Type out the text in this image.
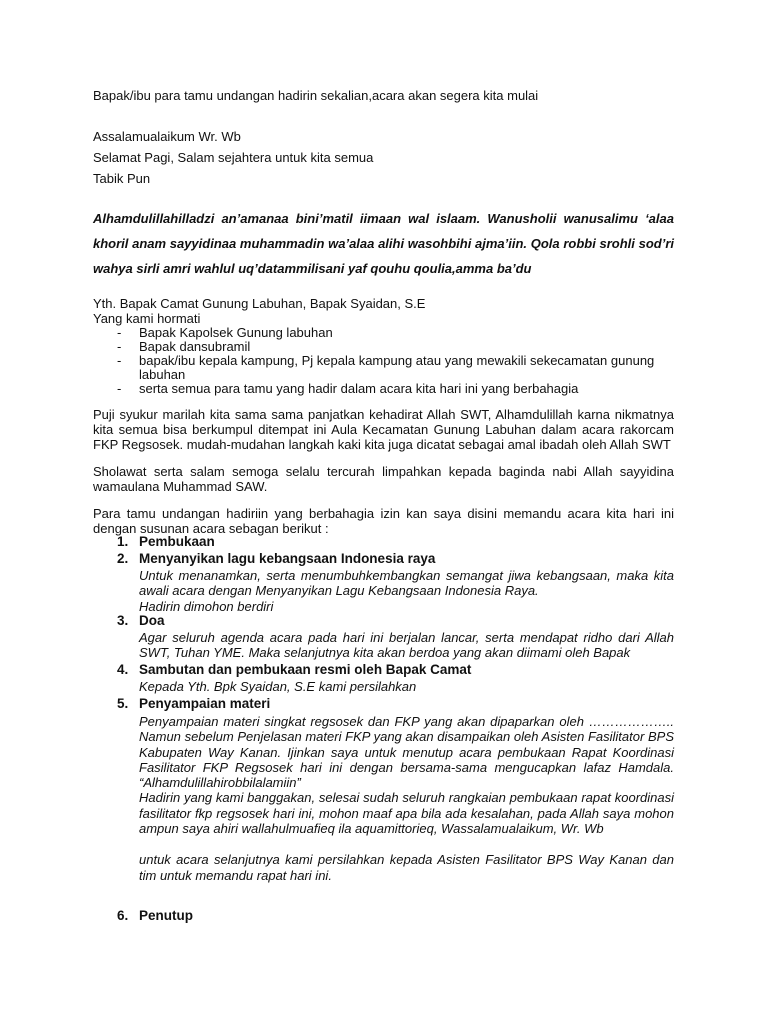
Bapak/ibu para tamu undangan hadirin sekalian,acara akan segera kita mulai

Assalamualaikum Wr. Wb
Selamat Pagi, Salam sejahtera untuk kita semua
Tabik Pun

Alhamdulillahilladzi an’amanaa bini’matil iimaan wal islaam. Wanusholii wanusalimu ‘alaa khoril anam sayyidinaa muhammadin wa’alaa alihi wasohbihi ajma’iin. Qola robbi srohli sod’ri wahya sirli amri wahlul uq’datammilisani yaf qouhu qoulia,amma ba’du

Yth. Bapak Camat Gunung Labuhan, Bapak Syaidan, S.E
Yang kami hormati
- Bapak Kapolsek Gunung labuhan
- Bapak dansubramil
- bapak/ibu kepala kampung, Pj kepala kampung atau yang mewakili sekecamatan gunung labuhan
- serta semua para tamu yang hadir dalam acara kita hari ini yang berbahagia

Puji syukur marilah kita sama sama panjatkan kehadirat Allah SWT, Alhamdulillah karna nikmatnya kita semua bisa berkumpul ditempat ini Aula Kecamatan Gunung Labuhan dalam acara rakorcam FKP Regsosek. mudah-mudahan langkah kaki kita juga dicatat sebagai amal ibadah oleh Allah SWT

Sholawat serta salam semoga selalu tercurah limpahkan kepada baginda nabi Allah sayyidina wamaulana Muhammad SAW.

Para tamu undangan hadiriin yang berbahagia izin kan saya disini memandu acara kita hari ini dengan susunan acara sebagan berikut :

1. Pembukaan
2. Menyanyikan lagu kebangsaan Indonesia raya

Untuk menanamkan, serta menumbuhkembangkan semangat jiwa kebangsaan, maka kita awali acara dengan Menyanyikan Lagu Kebangsaan Indonesia Raya.

Hadirin dimohon berdiri

3. Doa

Agar seluruh agenda acara pada hari ini berjalan lancar, serta mendapat ridho dari Allah SWT, Tuhan YME. Maka selanjutnya kita akan berdoa yang akan diimami oleh Bapak

4. Sambutan dan pembukaan resmi oleh Bapak Camat

Kepada Yth. Bpk Syaidan, S.E kami persilahkan

5. Penyampaian materi

Penyampaian materi singkat regsosek dan FKP yang akan dipaparkan oleh ……………….. Namun sebelum Penjelasan materi FKP yang akan disampaikan oleh Asisten Fasilitator BPS Kabupaten Way Kanan. Ijinkan saya untuk menutup acara pembukaan Rapat Koordinasi Fasilitator FKP Regsosek hari ini dengan bersama-sama mengucapkan lafaz Hamdala. “Alhamdulillahirobbilalamiin”

Hadirin yang kami banggakan, selesai sudah seluruh rangkaian pembukaan rapat koordinasi fasilitator fkp regsosek hari ini, mohon maaf apa bila ada kesalahan, pada Allah saya mohon ampun saya ahiri wallahulmuafieq ila aquamittorieq, Wassalamualaikum, Wr. Wb

untuk acara selanjutnya kami persilahkan kepada Asisten Fasilitator BPS Way Kanan dan tim untuk memandu rapat hari ini.

6. Penutup
